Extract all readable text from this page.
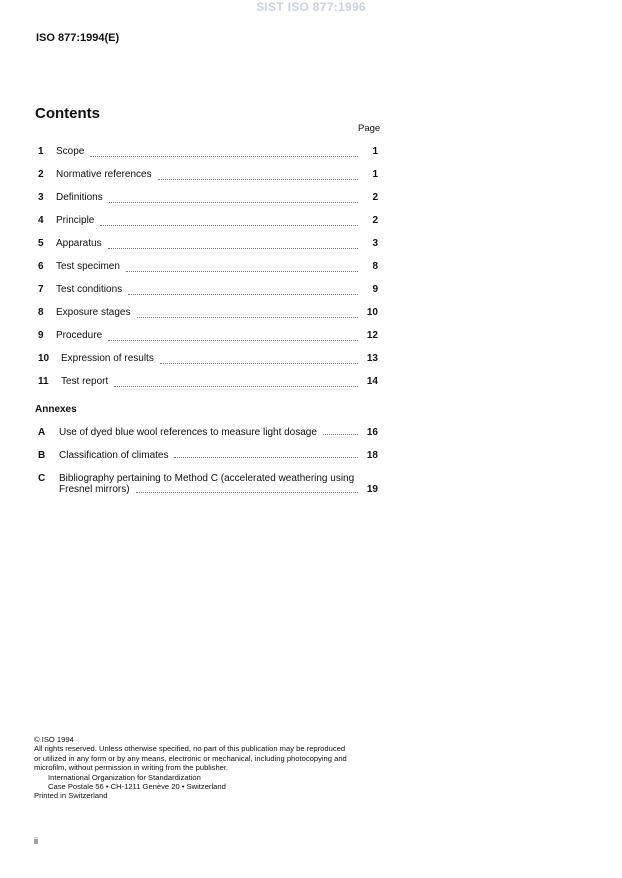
SIST ISO 877:1996
ISO 877:1994(E)
Contents
Page
1	Scope	1
2	Normative references	1
3	Definitions	2
4	Principle	2
5	Apparatus	3
6	Test specimen	8
7	Test conditions	9
8	Exposure stages	10
9	Procedure	12
10	Expression of results	13
11	Test report	14
Annexes
A	Use of dyed blue wool references to measure light dosage	16
B	Classification of climates	18
C Bibliography pertaining to Method C (accelerated weathering using
Fresnel mirrors)	19
© ISO 1994
All rights reserved. Unless otherwise specified, no part of this publication may be reproduced
or utilized in any form or by any means, electronic or mechanical, including photocopying and
microfilm, without permission in writing from the publisher.
International Organization for Standardization
Case Postale 56 • CH-1211 Genève 20 • Switzerland
Printed in Switzerland
ii
